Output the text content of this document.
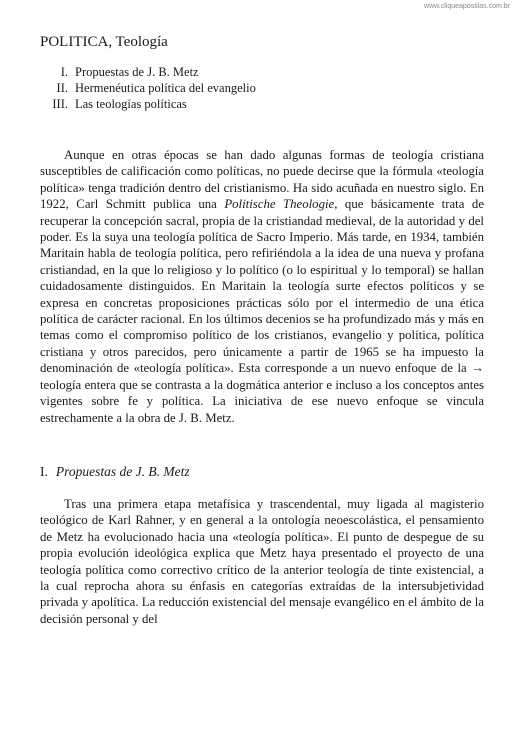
www.cliqueapostilas.com.br
POLITICA, Teología
I. Propuestas de J. B. Metz
II. Hermenéutica política del evangelio
III. Las teologías políticas

Aunque en otras épocas se han dado algunas formas de teología cristiana susceptibles de calificación como políticas, no puede decirse que la fórmula «teología política» tenga tradición dentro del cristianismo. Ha sido acuñada en nuestro siglo. En 1922, Carl Schmitt publica una Politische Theologie, que básicamente trata de recuperar la concepción sacral, propia de la cristiandad medieval, de la autoridad y del poder. Es la suya una teología política de Sacro Imperio. Más tarde, en 1934, también Maritain habla de teología política, pero refiriéndola a la idea de una nueva y profana cristiandad, en la que lo religioso y lo político (o lo espiritual y lo temporal) se hallan cuidadosamente distinguidos. En Maritain la teología surte efectos políticos y se expresa en concretas proposiciones prácticas sólo por el intermedio de una ética política de carácter racional. En los últimos decenios se ha profundizado más y más en temas como el compromiso político de los cristianos, evangelio y política, política cristiana y otros parecidos, pero únicamente a partir de 1965 se ha impuesto la denominación de «teología política». Esta corresponde a un nuevo enfoque de la → teología entera que se contrasta a la dogmática anterior e incluso a los conceptos antes vigentes sobre fe y política. La iniciativa de ese nuevo enfoque se vincula estrechamente a la obra de J. B. Metz.

I. Propuestas de J. B. Metz

Tras una primera etapa metafísica y trascendental, muy ligada al magisterio teológico de Karl Rahner, y en general a la ontología neoescolástica, el pensamiento de Metz ha evolucionado hacia una «teología política». El punto de despegue de su propia evolución ideológica explica que Metz haya presentado el proyecto de una teología política como correctivo crítico de la anterior teología de tinte existencial, a la cual reprocha ahora su énfasis en categorías extraídas de la intersubjetividad privada y apolítica. La reducción existencial del mensaje evangélico en el ámbito de la decisión personal y del
